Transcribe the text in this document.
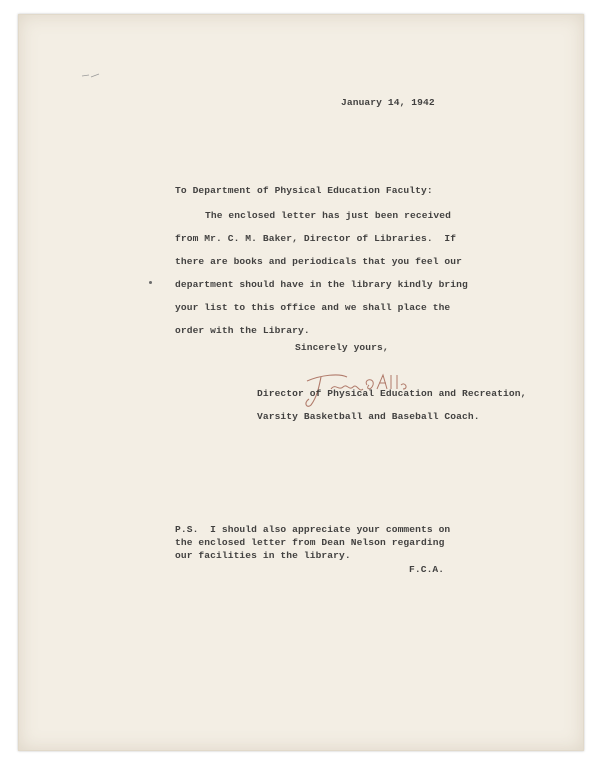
January 14, 1942
To Department of Physical Education Faculty:
The enclosed letter has just been received
from Mr. C. M. Baker, Director of Libraries.  If
there are books and periodicals that you feel our
department should have in the library kindly bring
your list to this office and we shall place the
order with the Library.
Sincerely yours,
Director of Physical Education and Recreation,
Varsity Basketball and Baseball Coach.
P.S.  I should also appreciate your comments on
the enclosed letter from Dean Nelson regarding
our facilities in the library.
F.C.A.
